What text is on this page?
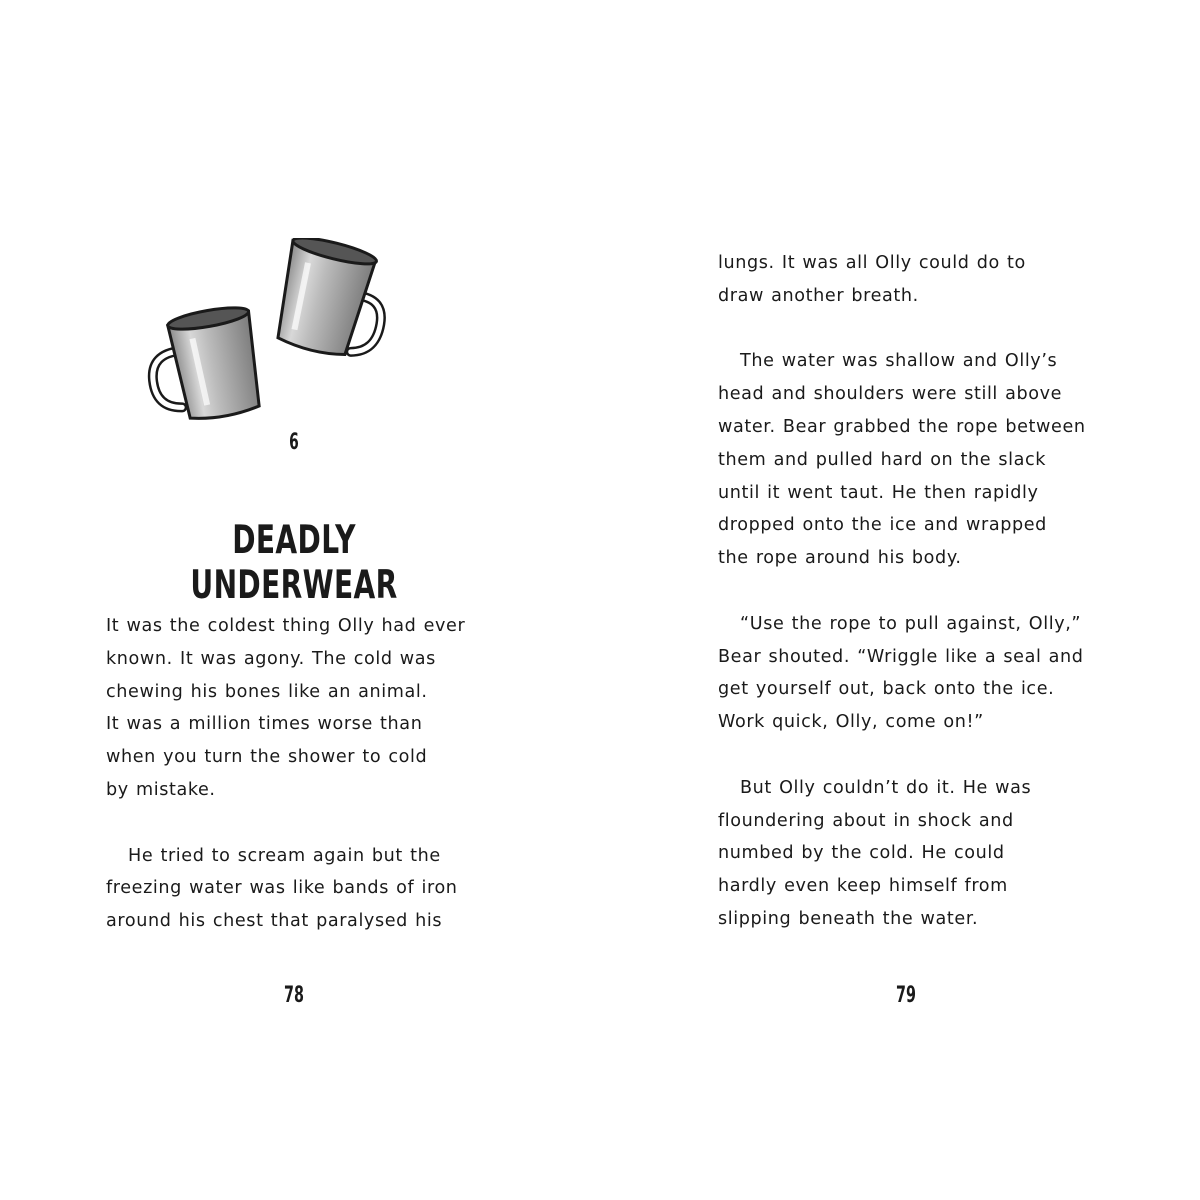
6
DEADLY UNDERWEAR
It was the coldest thing Olly had ever
known. It was agony. The cold was
chewing his bones like an animal.
It was a million times worse than
when you turn the shower to cold
by mistake.
He tried to scream again but the
freezing water was like bands of iron
around his chest that paralysed his
78
lungs. It was all Olly could do to
draw another breath.
The water was shallow and Olly’s
head and shoulders were still above
water. Bear grabbed the rope between
them and pulled hard on the slack
until it went taut. He then rapidly
dropped onto the ice and wrapped
the rope around his body.
“Use the rope to pull against, Olly,”
Bear shouted. “Wriggle like a seal and
get yourself out, back onto the ice.
Work quick, Olly, come on!”
But Olly couldn’t do it. He was
floundering about in shock and
numbed by the cold. He could
hardly even keep himself from
slipping beneath the water.
79
